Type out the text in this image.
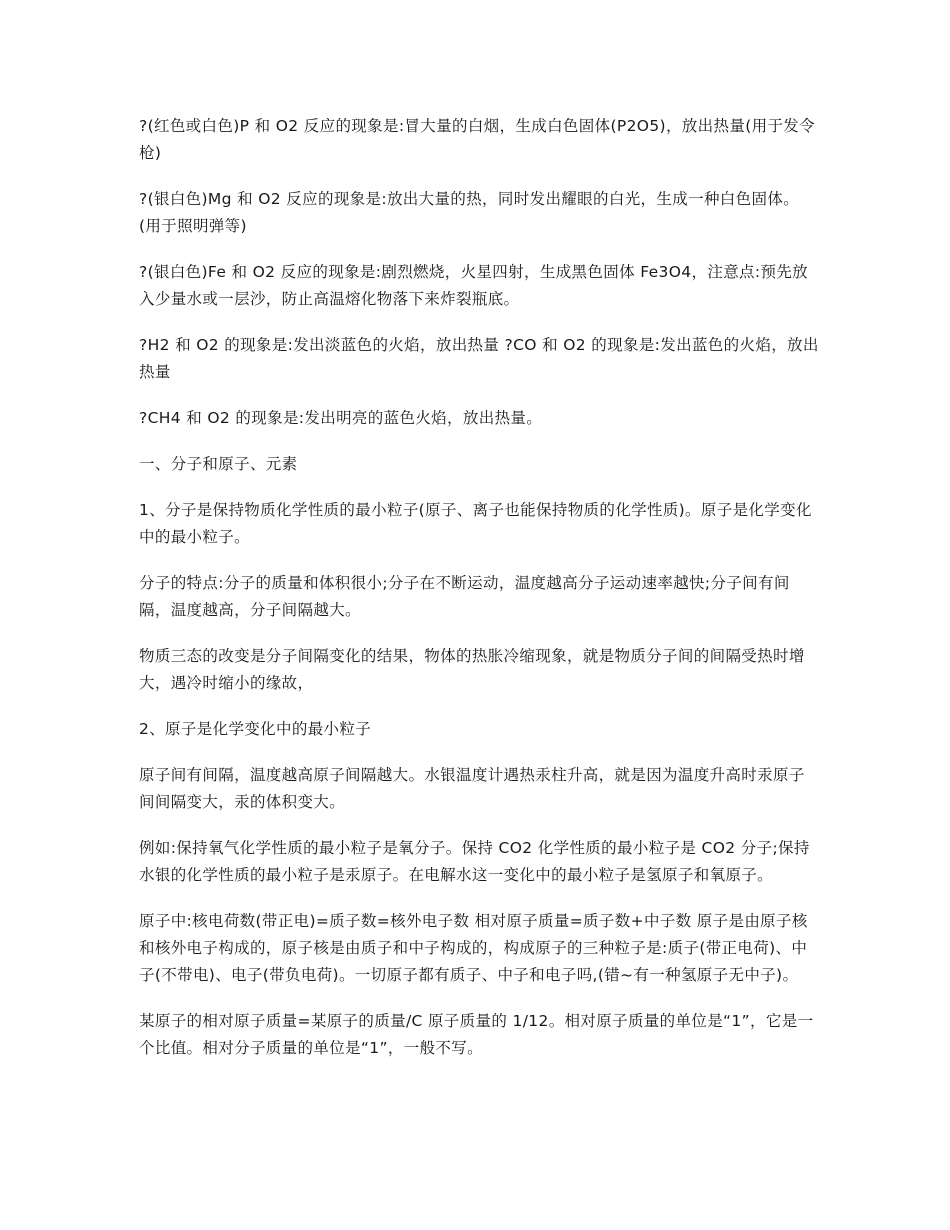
?(红色或白色)P 和 O2 反应的现象是:冒大量的白烟，生成白色固体(P2O5)，放出热量(用于发令枪)

?(银白色)Mg 和 O2 反应的现象是:放出大量的热，同时发出耀眼的白光，生成一种白色固体。(用于照明弹等)

?(银白色)Fe 和 O2 反应的现象是:剧烈燃烧，火星四射，生成黑色固体 Fe3O4，注意点:预先放入少量水或一层沙，防止高温熔化物落下来炸裂瓶底。

?H2 和 O2 的现象是:发出淡蓝色的火焰，放出热量 ?CO 和 O2 的现象是:发出蓝色的火焰，放出热量

?CH4 和 O2 的现象是:发出明亮的蓝色火焰，放出热量。

一、分子和原子、元素

1、分子是保持物质化学性质的最小粒子(原子、离子也能保持物质的化学性质)。原子是化学变化中的最小粒子。

分子的特点:分子的质量和体积很小;分子在不断运动，温度越高分子运动速率越快;分子间有间隔，温度越高，分子间隔越大。

物质三态的改变是分子间隔变化的结果，物体的热胀冷缩现象，就是物质分子间的间隔受热时增大，遇冷时缩小的缘故，

2、原子是化学变化中的最小粒子

原子间有间隔，温度越高原子间隔越大。水银温度计遇热汞柱升高，就是因为温度升高时汞原子间间隔变大，汞的体积变大。

例如:保持氧气化学性质的最小粒子是氧分子。保持 CO2 化学性质的最小粒子是 CO2 分子;保持水银的化学性质的最小粒子是汞原子。在电解水这一变化中的最小粒子是氢原子和氧原子。

原子中:核电荷数(带正电)=质子数=核外电子数 相对原子质量=质子数+中子数 原子是由原子核和核外电子构成的，原子核是由质子和中子构成的，构成原子的三种粒子是:质子(带正电荷)、中子(不带电)、电子(带负电荷)。一切原子都有质子、中子和电子吗,(错~有一种氢原子无中子)。

某原子的相对原子质量=某原子的质量/C 原子质量的 1/12。相对原子质量的单位是“1”，它是一个比值。相对分子质量的单位是“1”，一般不写。
